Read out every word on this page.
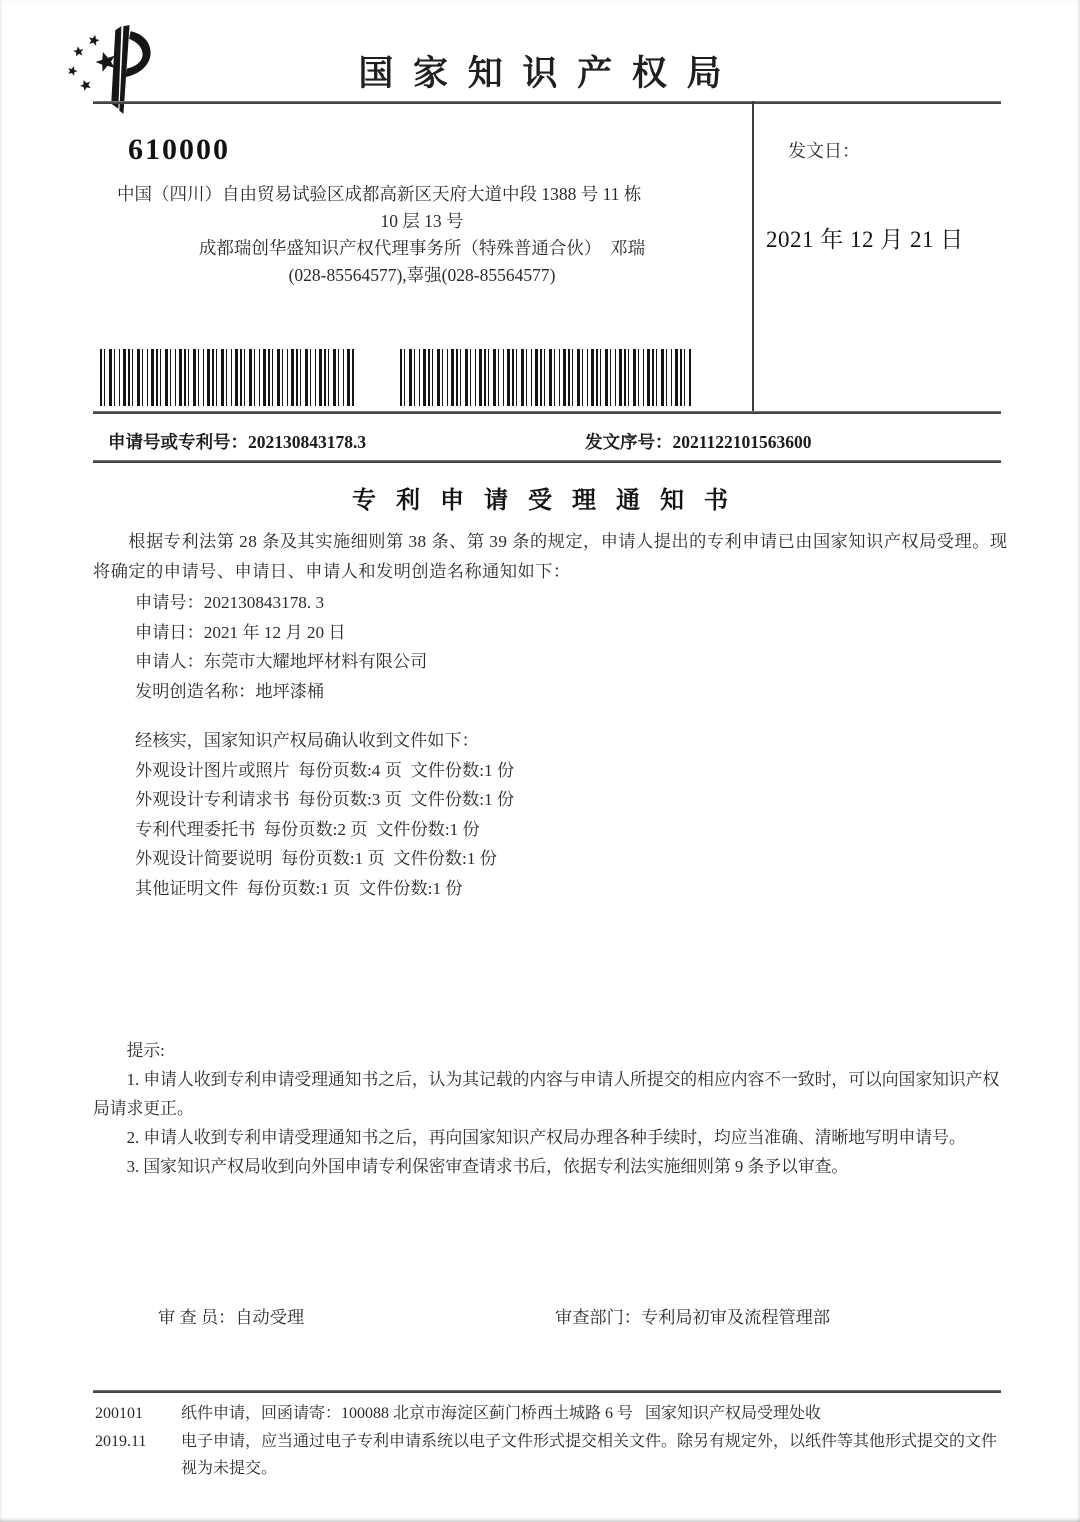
国 家 知 识 产 权 局
610000
中国（四川）自由贸易试验区成都高新区天府大道中段 1388 号 11 栋
10 层 13 号
成都瑞创华盛知识产权代理事务所（特殊普通合伙）  邓瑞
(028-85564577),辜强(028-85564577)
发文日：
2021 年 12 月 21 日
申请号或专利号：202130843178.3	发文序号：2021122101563600
专 利 申 请 受 理 通 知 书
根据专利法第 28 条及其实施细则第 38 条、第 39 条的规定，申请人提出的专利申请已由国家知识产权局受理。现将确定的申请号、申请日、申请人和发明创造名称通知如下：
申请号：202130843178. 3
申请日：2021 年 12 月 20 日
申请人：东莞市大耀地坪材料有限公司
发明创造名称：地坪漆桶
经核实，国家知识产权局确认收到文件如下：
外观设计图片或照片  每份页数:4 页  文件份数:1 份
外观设计专利请求书  每份页数:3 页  文件份数:1 份
专利代理委托书  每份页数:2 页  文件份数:1 份
外观设计简要说明  每份页数:1 页  文件份数:1 份
其他证明文件  每份页数:1 页  文件份数:1 份

提示:

1. 申请人收到专利申请受理通知书之后，认为其记载的内容与申请人所提交的相应内容不一致时，可以向国家知识产权局请求更正。

2. 申请人收到专利申请受理通知书之后，再向国家知识产权局办理各种手续时，均应当准确、清晰地写明申请号。

3. 国家知识产权局收到向外国申请专利保密审查请求书后，依据专利法实施细则第 9 条予以审查。

审 查 员：自动受理	审查部门：专利局初审及流程管理部
200101	纸件申请，回函请寄：100088 北京市海淀区蓟门桥西土城路 6 号   国家知识产权局受理处收
2019.11	电子申请，应当通过电子专利申请系统以电子文件形式提交相关文件。除另有规定外，以纸件等其他形式提交的文件视为未提交。
